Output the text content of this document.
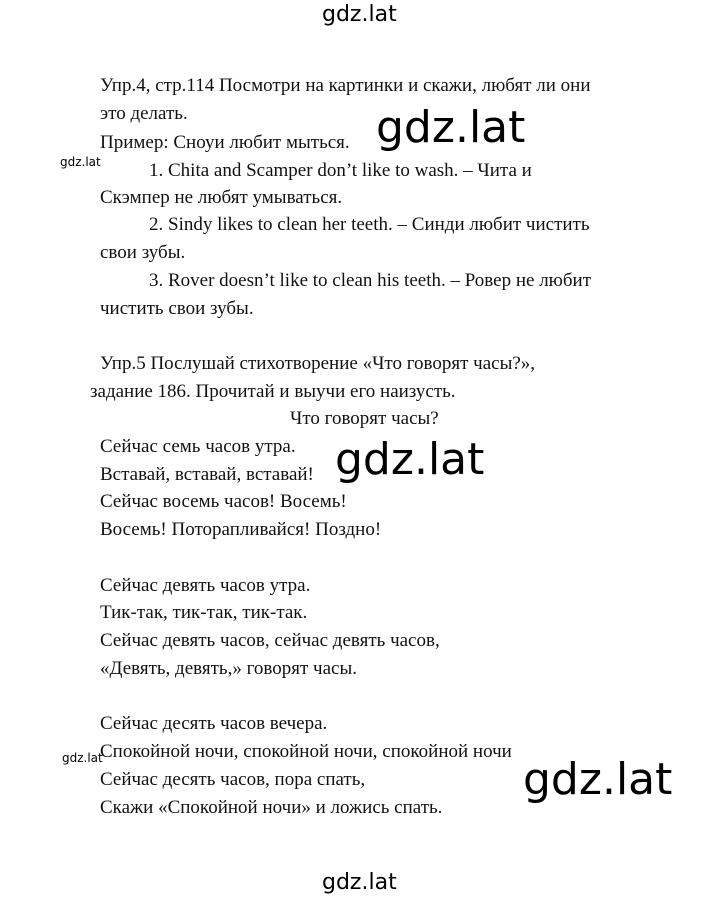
Упр.4, стр.114 Посмотри на картинки и скажи, любят ли они
это делать.
Пример: Сноуи любит мыться.
1. Chita and Scamper don’t like to wash. – Чита и
Скэмпер не любят умываться.
2. Sindy likes to clean her teeth. – Синди любит чистить
свои зубы.
3. Rover doesn’t like to clean his teeth. – Ровер не любит
чистить свои зубы.
Упр.5 Послушай стихотворение «Что говорят часы?»,
задание 186. Прочитай и выучи его наизусть.
Что говорят часы?
Сейчас семь часов утра.
Вставай, вставай, вставай!
Сейчас восемь часов! Восемь!
Восемь! Поторапливайся! Поздно!
Сейчас девять часов утра.
Тик-так, тик-так, тик-так.
Сейчас девять часов, сейчас девять часов,
«Девять, девять,» говорят часы.
Сейчас десять часов вечера.
Спокойной ночи, спокойной ночи, спокойной ночи
Сейчас десять часов, пора спать,
Скажи «Спокойной ночи» и ложись спать.
gdz.lat
gdz.lat
gdz.lat
gdz.lat
gdz.lat
gdz.lat
gdz.lat
